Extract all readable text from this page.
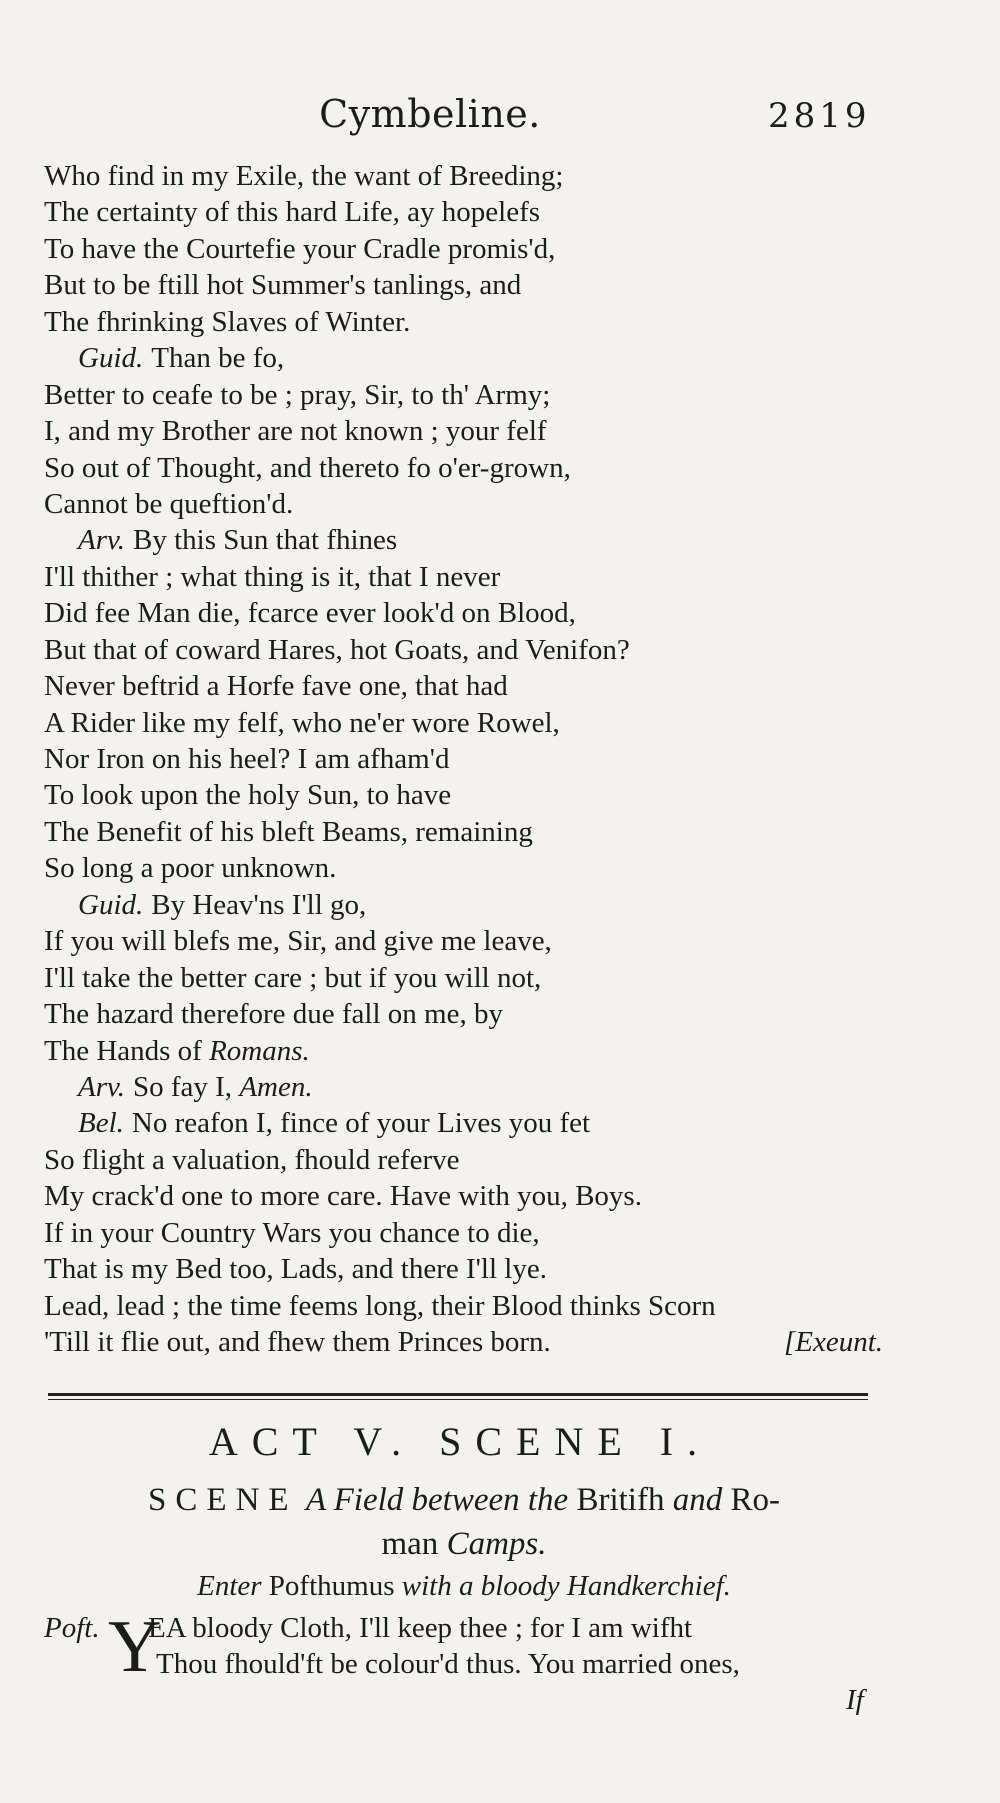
Cymbeline.	2819
Who find in my Exile, the want of Breeding;
The certainty of this hard Life, ay hopelefs
To have the Courtefie your Cradle promis'd,
But to be ftill hot Summer's tanlings, and
The fhrinking Slaves of Winter.
Guid. Than be fo,
Better to ceafe to be ; pray, Sir, to th' Army;
I, and my Brother are not known ; your felf
So out of Thought, and thereto fo o'er-grown,
Cannot be queftion'd.
Arv. By this Sun that fhines
I'll thither ; what thing is it, that I never
Did fee Man die, fcarce ever look'd on Blood,
But that of coward Hares, hot Goats, and Venifon?
Never beftrid a Horfe fave one, that had
A Rider like my felf, who ne'er wore Rowel,
Nor Iron on his heel? I am afham'd
To look upon the holy Sun, to have
The Benefit of his bleft Beams, remaining
So long a poor unknown.
Guid. By Heav'ns I'll go,
If you will blefs me, Sir, and give me leave,
I'll take the better care ; but if you will not,
The hazard therefore due fall on me, by
The Hands of Romans.
Arv. So fay I, Amen.
Bel. No reafon I, fince of your Lives you fet
So flight a valuation, fhould referve
My crack'd one to more care. Have with you, Boys.
If in your Country Wars you chance to die,
That is my Bed too, Lads, and there I'll lye.
Lead, lead ; the time feems long, their Blood thinks Scorn
'Till it flie out, and fhew them Princes born.	[Exeunt.
ACT V. SCENE I.
SCENE A Field between the Britifh and Ro-
man Camps.
Enter Pofthumus with a bloody Handkerchief.
Y
Poft. EA bloody Cloth, I'll keep thee ; for I am wifht
Thou fhould'ft be colour'd thus. You married ones,
If
